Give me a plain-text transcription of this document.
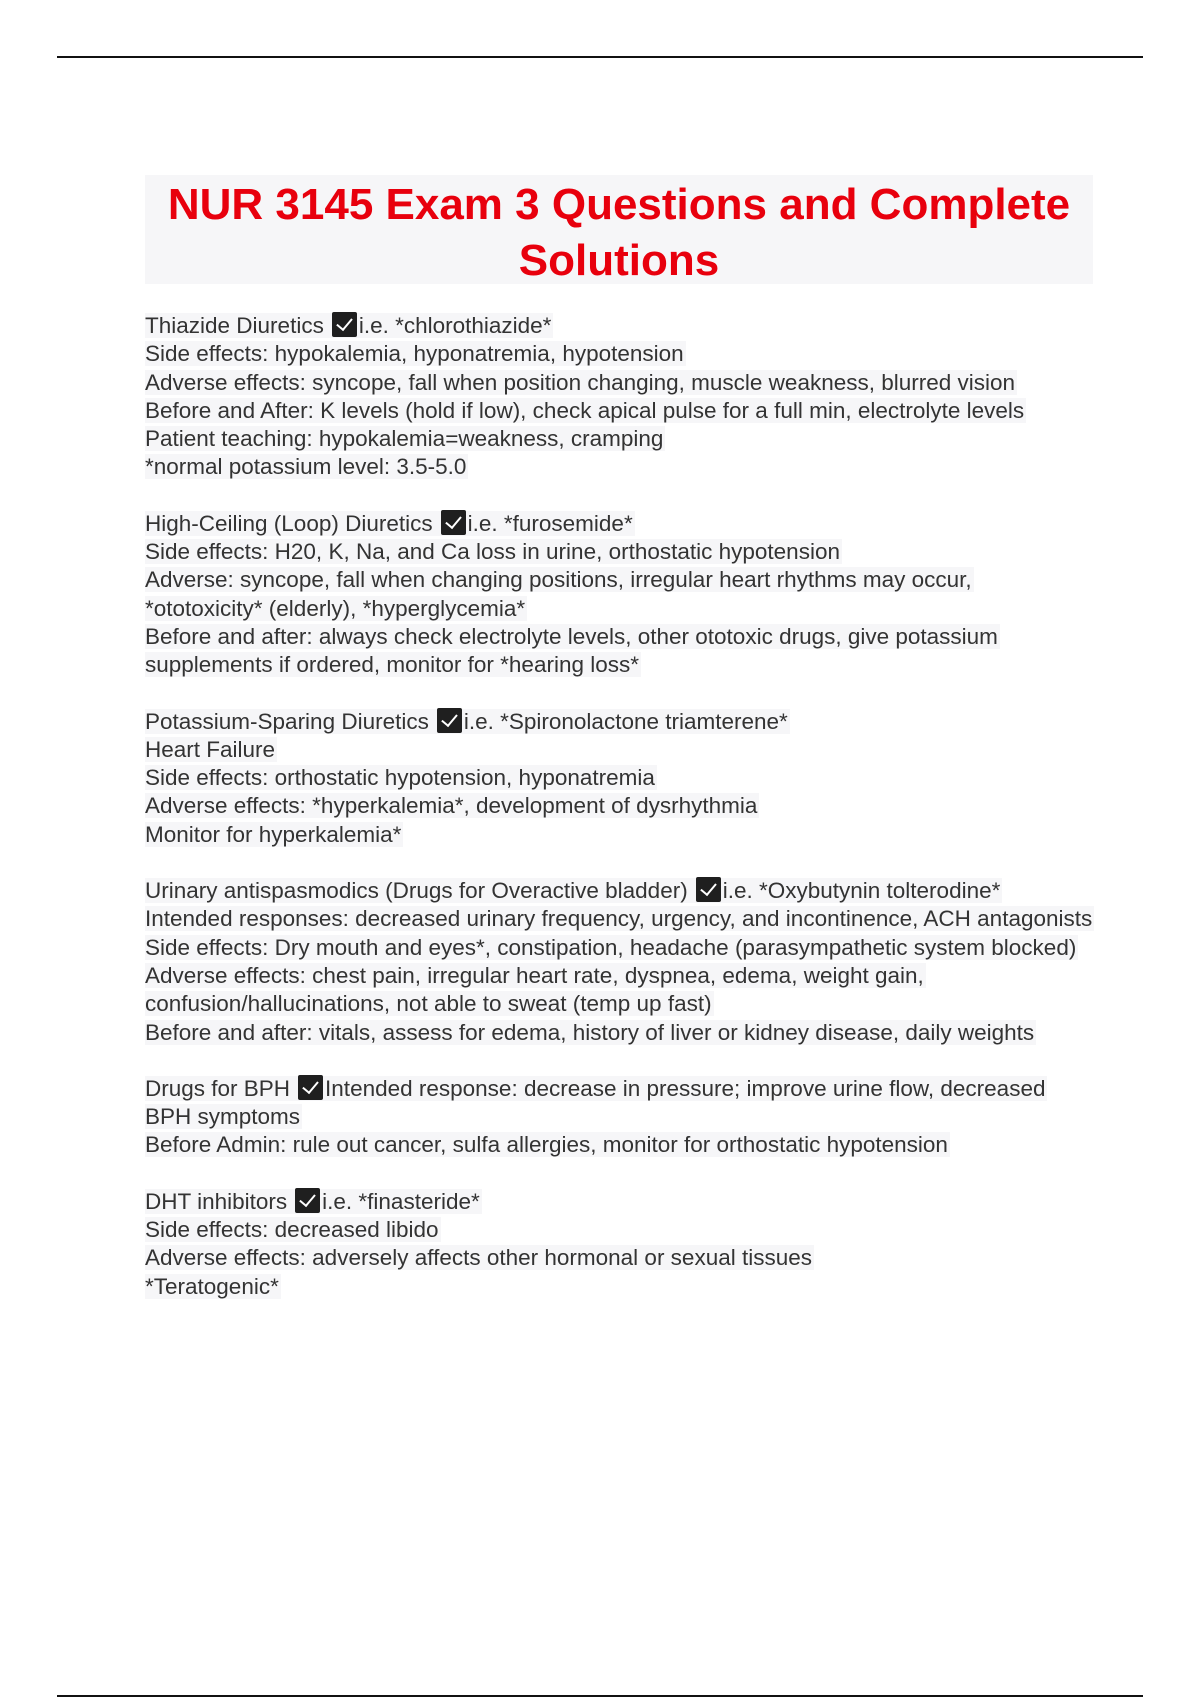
NUR 3145 Exam 3 Questions and Complete Solutions
Thiazide Diuretics i.e. *chlorothiazide*
Side effects: hypokalemia, hyponatremia, hypotension
Adverse effects: syncope, fall when position changing, muscle weakness, blurred vision
Before and After: K levels (hold if low), check apical pulse for a full min, electrolyte levels
Patient teaching: hypokalemia=weakness, cramping
*normal potassium level: 3.5-5.0
High-Ceiling (Loop) Diuretics i.e. *furosemide*
Side effects: H20, K, Na, and Ca loss in urine, orthostatic hypotension
Adverse: syncope, fall when changing positions, irregular heart rhythms may occur, *ototoxicity* (elderly), *hyperglycemia*
Before and after: always check electrolyte levels, other ototoxic drugs, give potassium supplements if ordered, monitor for *hearing loss*
Potassium-Sparing Diuretics i.e. *Spironolactone triamterene*
Heart Failure
Side effects: orthostatic hypotension, hyponatremia
Adverse effects: *hyperkalemia*, development of dysrhythmia
Monitor for hyperkalemia*
Urinary antispasmodics (Drugs for Overactive bladder) i.e. *Oxybutynin tolterodine*
Intended responses: decreased urinary frequency, urgency, and incontinence, ACH antagonists
Side effects: Dry mouth and eyes*, constipation, headache (parasympathetic system blocked)
Adverse effects: chest pain, irregular heart rate, dyspnea, edema, weight gain, confusion/hallucinations, not able to sweat (temp up fast)
Before and after: vitals, assess for edema, history of liver or kidney disease, daily weights
Drugs for BPH Intended response: decrease in pressure; improve urine flow, decreased BPH symptoms
Before Admin: rule out cancer, sulfa allergies, monitor for orthostatic hypotension
DHT inhibitors i.e. *finasteride*
Side effects: decreased libido
Adverse effects: adversely affects other hormonal or sexual tissues
*Teratogenic*
